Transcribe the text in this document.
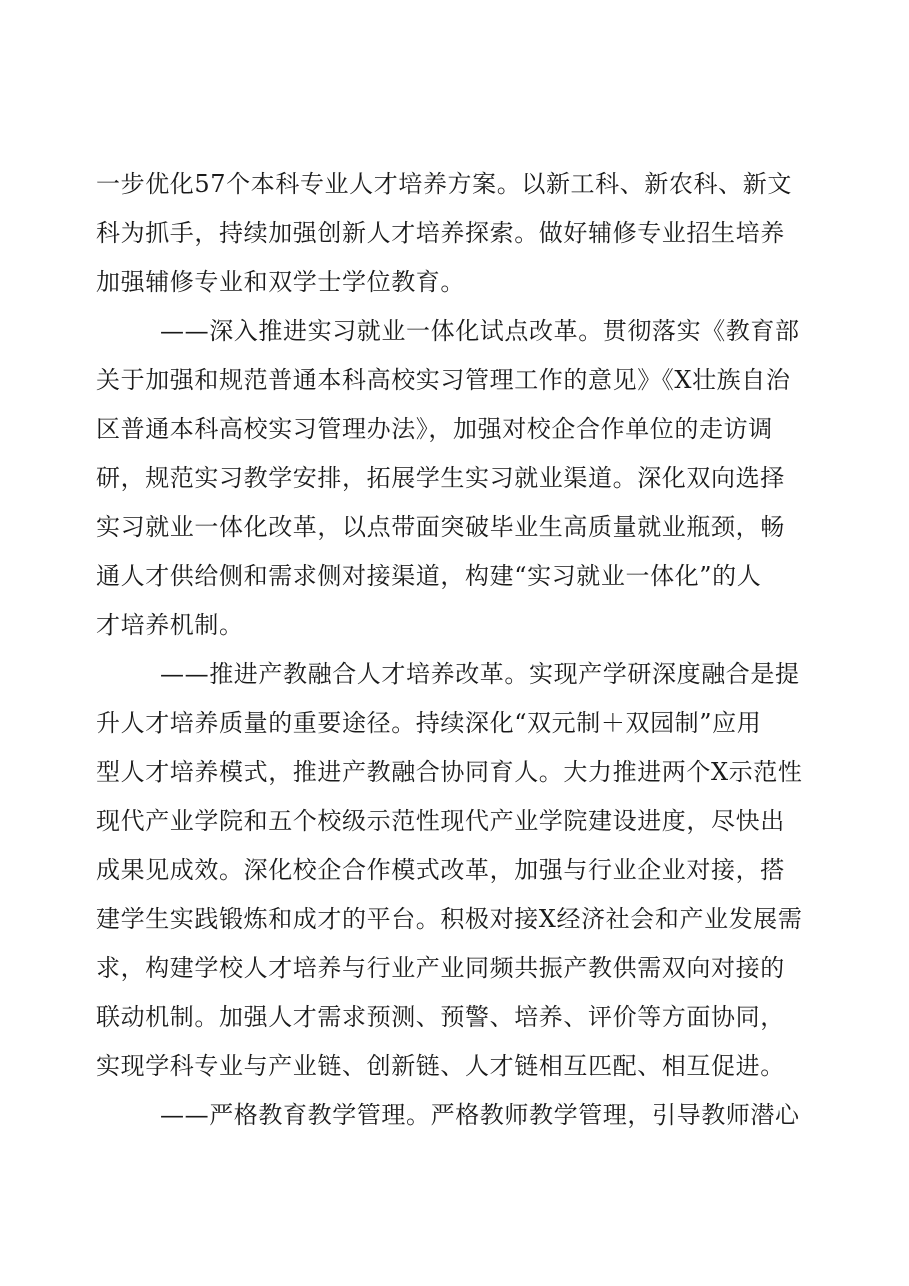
一步优化57个本科专业人才培养方案。以新工科、新农科、新文
科为抓手，持续加强创新人才培养探索。做好辅修专业招生培养
加强辅修专业和双学士学位教育。
——深入推进实习就业一体化试点改革。贯彻落实《教育部
关于加强和规范普通本科高校实习管理工作的意见》《X壮族自治
区普通本科高校实习管理办法》，加强对校企合作单位的走访调
研，规范实习教学安排，拓展学生实习就业渠道。深化双向选择
实习就业一体化改革，以点带面突破毕业生高质量就业瓶颈，畅
通人才供给侧和需求侧对接渠道，构建“实习就业一体化”的人
才培养机制。
——推进产教融合人才培养改革。实现产学研深度融合是提
升人才培养质量的重要途径。持续深化“双元制＋双园制”应用
型人才培养模式，推进产教融合协同育人。大力推进两个X示范性
现代产业学院和五个校级示范性现代产业学院建设进度，尽快出
成果见成效。深化校企合作模式改革，加强与行业企业对接，搭
建学生实践锻炼和成才的平台。积极对接X经济社会和产业发展需
求，构建学校人才培养与行业产业同频共振产教供需双向对接的
联动机制。加强人才需求预测、预警、培养、评价等方面协同，
实现学科专业与产业链、创新链、人才链相互匹配、相互促进。
——严格教育教学管理。严格教师教学管理，引导教师潜心
